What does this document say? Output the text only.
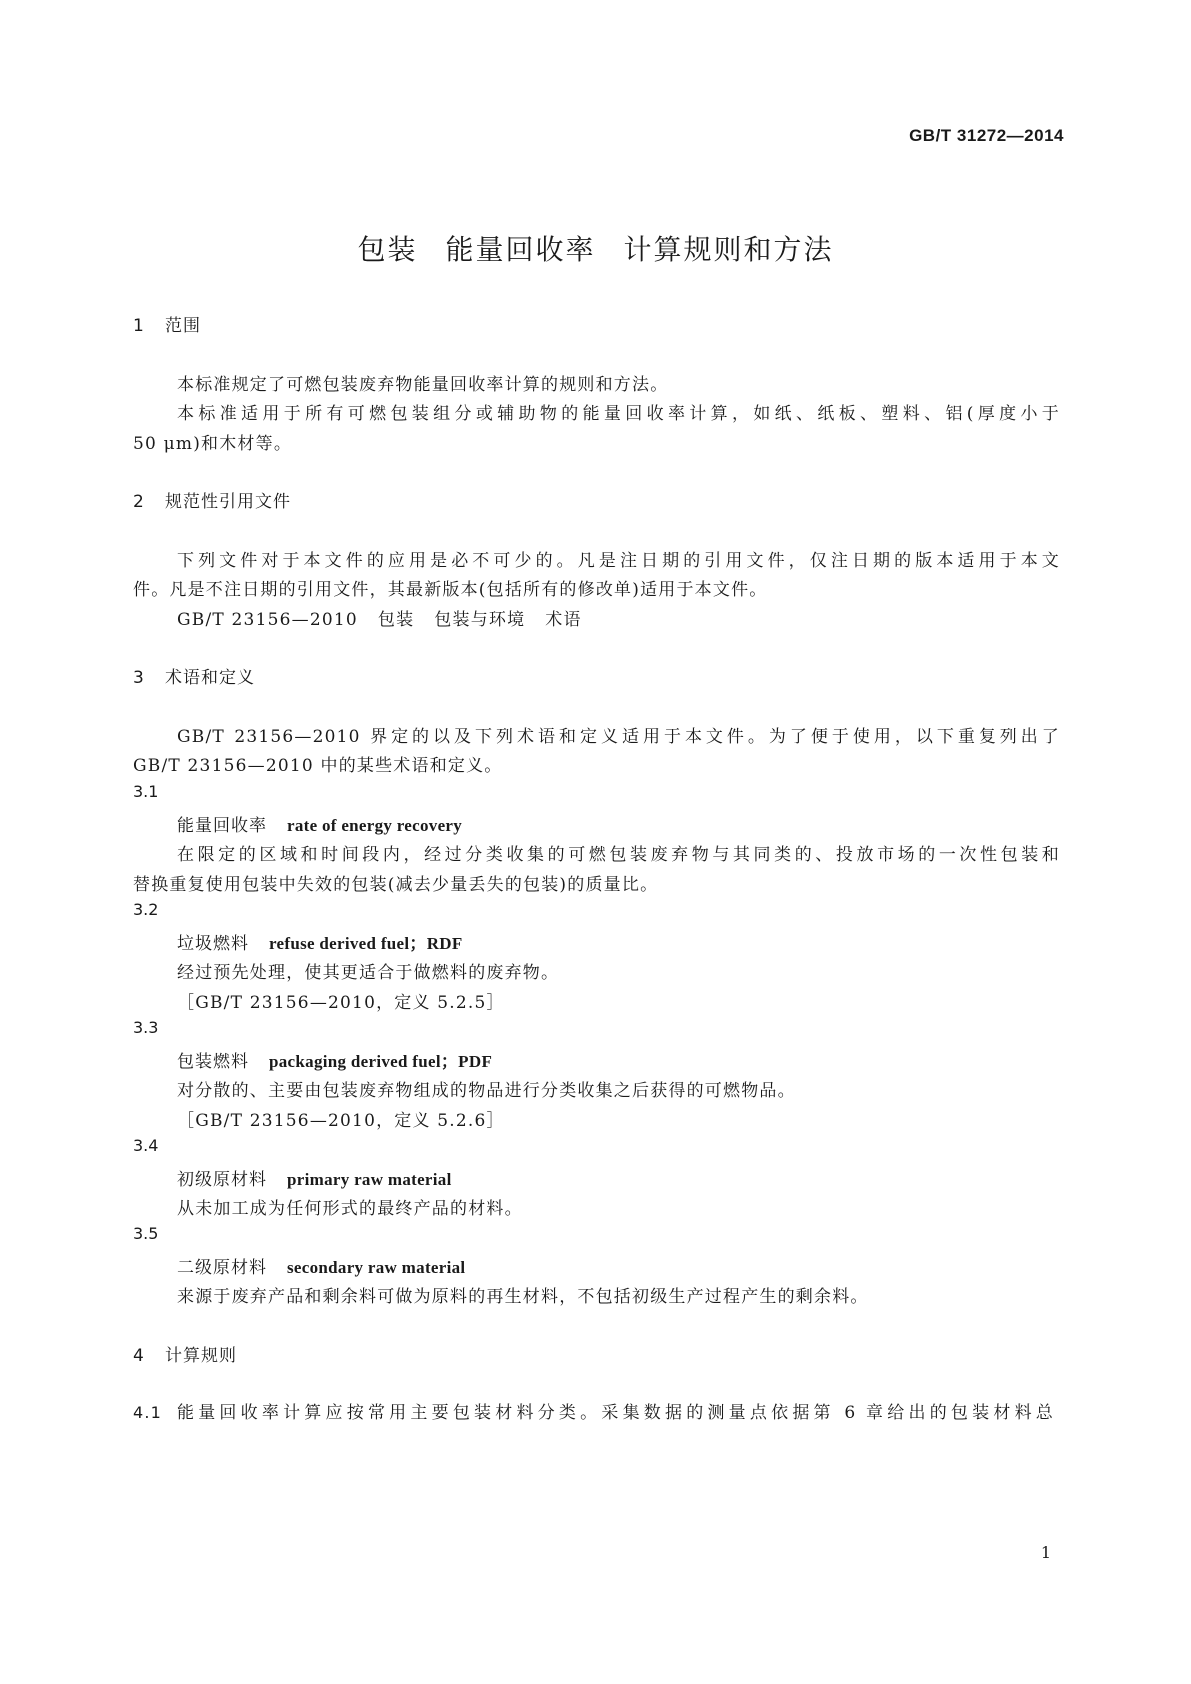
GB/T 31272—2014
包装 能量回收率 计算规则和方法
1 范围
本标准规定了可燃包装废弃物能量回收率计算的规则和方法。
本标准适用于所有可燃包装组分或辅助物的能量回收率计算，如纸、纸板、塑料、铝(厚度小于
50 μm)和木材等。
2 规范性引用文件
下列文件对于本文件的应用是必不可少的。凡是注日期的引用文件，仅注日期的版本适用于本文
件。凡是不注日期的引用文件，其最新版本(包括所有的修改单)适用于本文件。
GB/T 23156—2010 包装 包装与环境 术语
3 术语和定义
GB/T 23156—2010 界定的以及下列术语和定义适用于本文件。为了便于使用，以下重复列出了
GB/T 23156—2010 中的某些术语和定义。
3.1
能量回收率 rate of energy recovery
在限定的区域和时间段内，经过分类收集的可燃包装废弃物与其同类的、投放市场的一次性包装和
替换重复使用包装中失效的包装(减去少量丢失的包装)的质量比。
3.2
垃圾燃料 refuse derived fuel；RDF
经过预先处理，使其更适合于做燃料的废弃物。
［GB/T 23156—2010，定义 5.2.5］
3.3
包装燃料 packaging derived fuel；PDF
对分散的、主要由包装废弃物组成的物品进行分类收集之后获得的可燃物品。
［GB/T 23156—2010，定义 5.2.6］
3.4
初级原材料 primary raw material
从未加工成为任何形式的最终产品的材料。
3.5
二级原材料 secondary raw material
来源于废弃产品和剩余料可做为原料的再生材料，不包括初级生产过程产生的剩余料。
4 计算规则
4.1 能量回收率计算应按常用主要包装材料分类。采集数据的测量点依据第 6 章给出的包装材料总
1
